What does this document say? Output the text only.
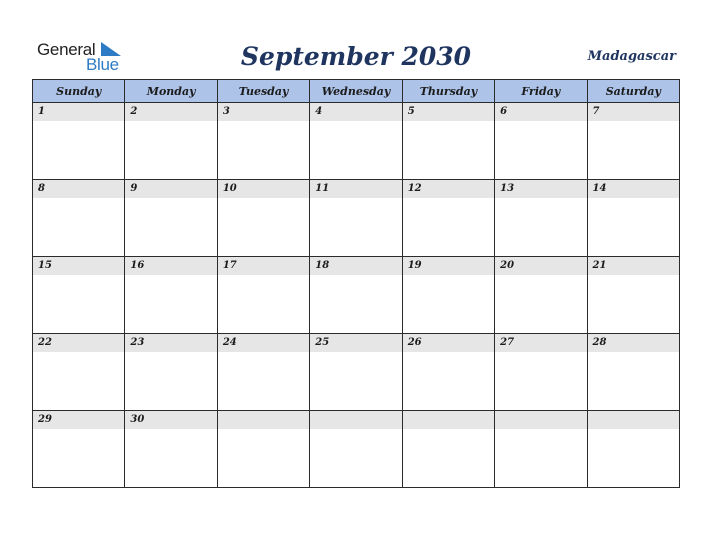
General
Blue	September 2030	Madagascar
Sunday	Monday	Tuesday	Wednesday	Thursday	Friday	Saturday

1	2	3	4	5	6	7

8	9	10	11	12	13	14

15	16	17	18	19	20	21

22	23	24	25	26	27	28

29	30					
